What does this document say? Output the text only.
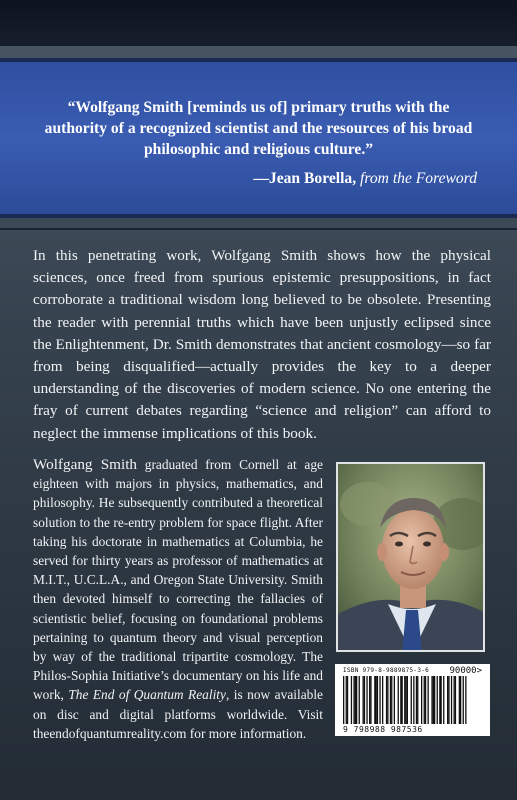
“Wolfgang Smith [reminds us of] primary truths with the authority of a recognized scientist and the resources of his broad philosophic and religious culture.”

—Jean Borella, from the Foreword

In this penetrating work, Wolfgang Smith shows how the physical sciences, once freed from spurious epistemic presuppositions, in fact corroborate a traditional wisdom long believed to be obsolete. Presenting the reader with perennial truths which have been unjustly eclipsed since the Enlightenment, Dr. Smith demonstrates that ancient cosmology—so far from being disqualified—actually provides the key to a deeper understanding of the discoveries of modern science. No one entering the fray of current debates regarding “science and religion” can afford to neglect the immense implications of this book.

Wolfgang Smith graduated from Cornell at age eighteen with majors in physics, mathematics, and philosophy. He subsequently contributed a theoretical solution to the re-entry problem for space flight. After taking his doctorate in mathematics at Columbia, he served for thirty years as professor of mathematics at M.I.T., U.C.L.A., and Oregon State University. Smith then devoted himself to correcting the fallacies of scientistic belief, focusing on foundational problems pertaining to quantum theory and visual perception by way of the traditional tripartite cosmology. The Philos-Sophia Initiative’s documentary on his life and work, The End of Quantum Reality, is now available on disc and digital platforms worldwide. Visit theendofquantumreality.com for more information.

ISBN 979-8-9889875-3-6 90000>
9 798988 987536
